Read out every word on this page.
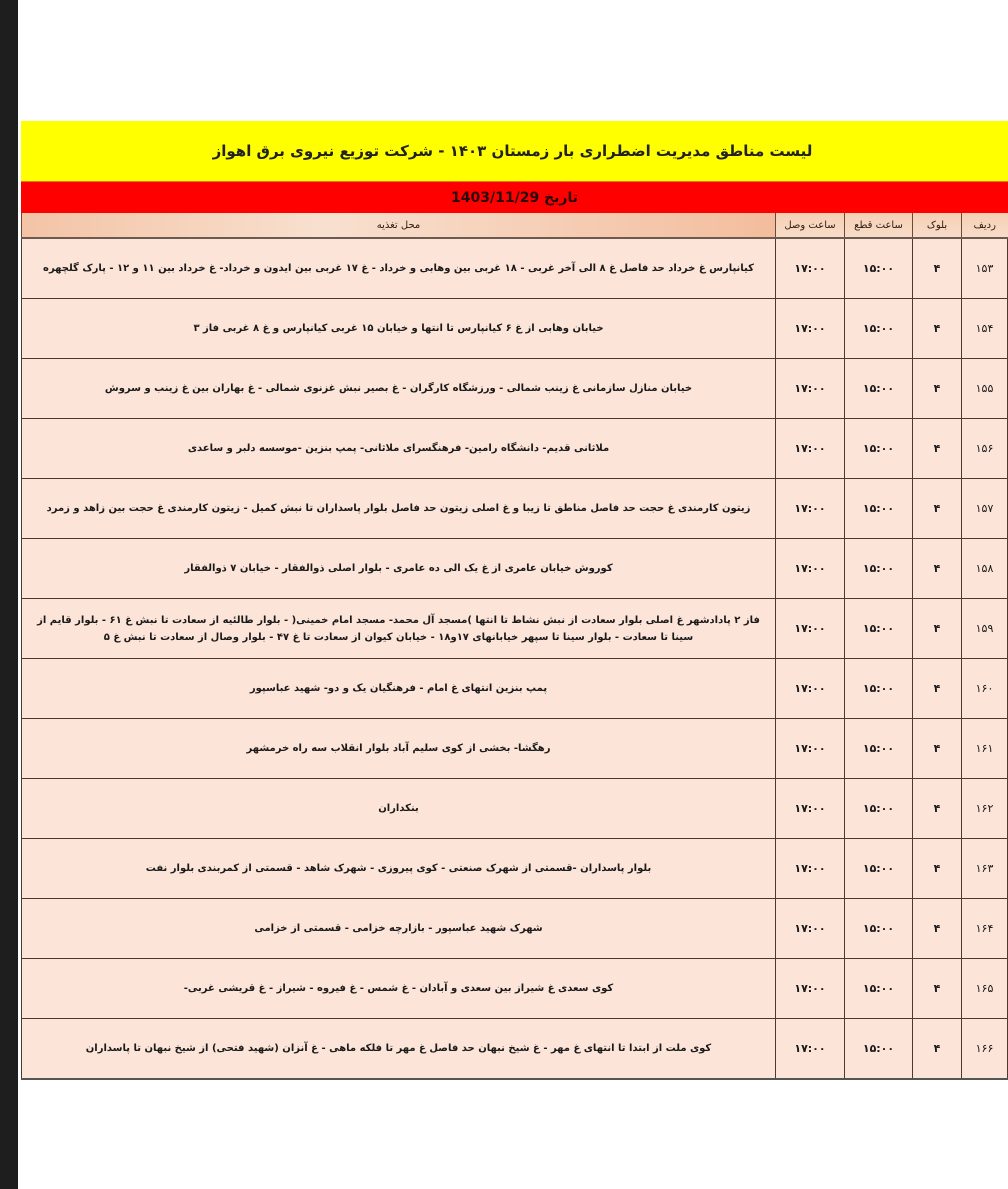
لیست مناطق مدیریت اضطراری بار زمستان ۱۴۰۳ - شرکت توزیع نیروی برق اهواز
تاریخ 1403/11/29
ردیف	بلوک	ساعت قطع	ساعت وصل	محل تغذیه
۱۵۳	۴	۱۵:۰۰	۱۷:۰۰	کیانپارس غ خرداد حد فاصل غ ۸ الی آخر غربی - ۱۸ غربی بین وهابی و خرداد - غ ۱۷ غربی بین ایدون و خرداد- غ خرداد بین ۱۱ و ۱۲ - پارک گلچهره
۱۵۴	۴	۱۵:۰۰	۱۷:۰۰	خیابان وهابی از غ ۶ کیانپارس تا انتها و خیابان ۱۵ غربی کیانپارس و غ ۸ غربی فاز ۳
۱۵۵	۴	۱۵:۰۰	۱۷:۰۰	خیابان منازل سازمانی غ زینب شمالی - ورزشگاه کارگران - غ بصیر نبش غزنوی شمالی - غ بهاران بین غ زینب و سروش
۱۵۶	۴	۱۵:۰۰	۱۷:۰۰	ملاثانی قدیم- دانشگاه رامین- فرهنگسرای ملاثانی- پمپ بنزین -موسسه دلبر و ساعدی
۱۵۷	۴	۱۵:۰۰	۱۷:۰۰	زیتون کارمندی غ حجت حد فاصل مناطق تا زیبا و غ اصلی زیتون حد فاصل بلوار پاسداران تا نبش کمیل - زیتون کارمندی غ حجت بین زاهد و زمرد
۱۵۸	۴	۱۵:۰۰	۱۷:۰۰	کوروش خیابان عامری از غ یک الی ده عامری - بلوار اصلی ذوالفقار - خیابان ۷ ذوالفقار
۱۵۹	۴	۱۵:۰۰	۱۷:۰۰	فاز ۲ پادادشهر غ اصلی بلوار سعادت از نبش نشاط تا انتها )مسجد آل محمد- مسجد امام خمینی( - بلوار طالئیه از سعادت تا نبش غ ۶۱ - بلوار قایم از سینا تا سعادت - بلوار سینا تا سپهر خیابانهای ۱۷و۱۸ - خیابان کیوان از سعادت تا غ ۴۷ - بلوار وصال از سعادت تا نبش غ ۵
۱۶۰	۴	۱۵:۰۰	۱۷:۰۰	پمپ بنزین انتهای غ امام - فرهنگیان یک و دو- شهید عباسپور
۱۶۱	۴	۱۵:۰۰	۱۷:۰۰	رهگشا- بخشی از کوی سلیم آباد بلوار انقلاب سه راه خرمشهر
۱۶۲	۴	۱۵:۰۰	۱۷:۰۰	بنکداران
۱۶۳	۴	۱۵:۰۰	۱۷:۰۰	بلوار پاسداران -قسمتی از شهرک صنعتی - کوی پیروزی - شهرک شاهد - قسمتی از کمربندی بلوار نفت
۱۶۴	۴	۱۵:۰۰	۱۷:۰۰	شهرک شهید عباسپور - بازارچه خزامی - قسمتی از خزامی
۱۶۵	۴	۱۵:۰۰	۱۷:۰۰	کوی سعدی غ شیراز بین سعدی و آبادان - غ شمس - غ فیروه - شیراز - غ قریشی غربی-
۱۶۶	۴	۱۵:۰۰	۱۷:۰۰	کوی ملت از ابتدا تا انتهای غ مهر - غ شیخ نبهان حد فاصل غ مهر تا فلکه ماهی - غ آنزان (شهید فتحی) از شیخ نبهان تا پاسداران
